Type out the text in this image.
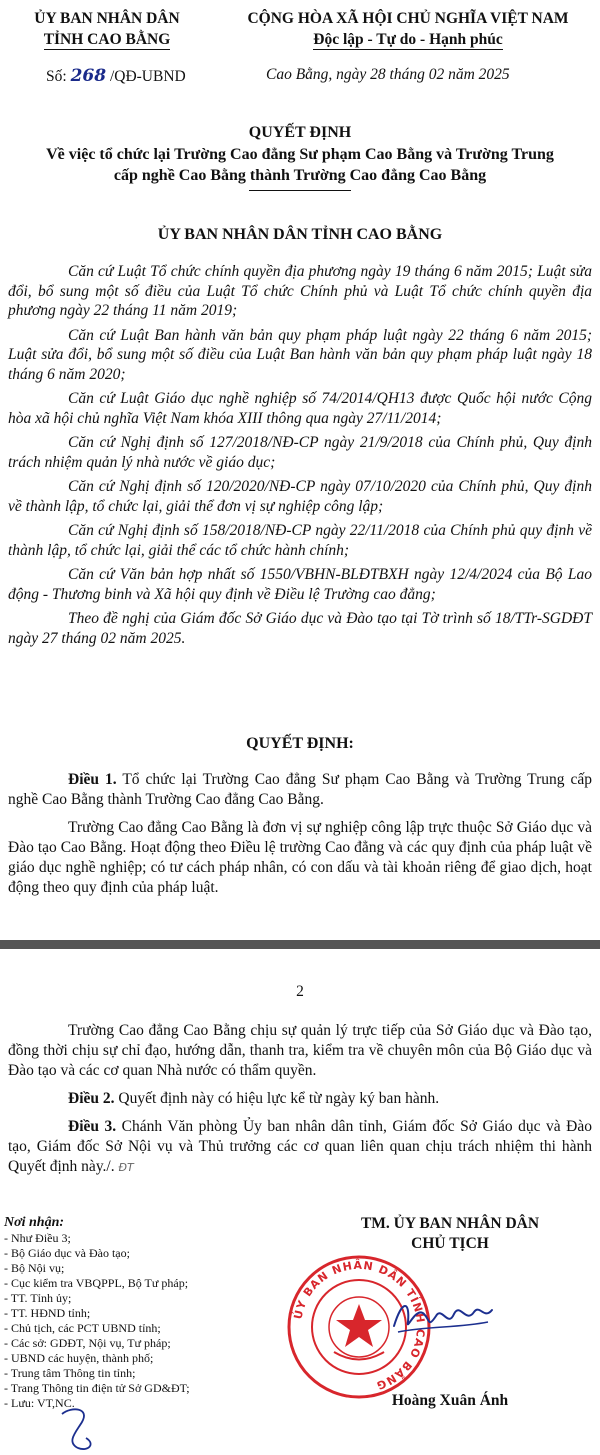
ỦY BAN NHÂN DÂN
TỈNH CAO BẰNG
CỘNG HÒA XÃ HỘI CHỦ NGHĨA VIỆT NAM
Độc lập - Tự do - Hạnh phúc
Số: 268 /QĐ-UBND	Cao Bằng, ngày 28 tháng 02 năm 2025
QUYẾT ĐỊNH
Về việc tổ chức lại Trường Cao đẳng Sư phạm Cao Bằng và Trường Trung
cấp nghề Cao Bằng thành Trường Cao đẳng Cao Bằng
ỦY BAN NHÂN DÂN TỈNH CAO BẰNG

Căn cứ Luật Tổ chức chính quyền địa phương ngày 19 tháng 6 năm 2015; Luật sửa đổi, bổ sung một số điều của Luật Tổ chức Chính phủ và Luật Tổ chức chính quyền địa phương ngày 22 tháng 11 năm 2019;

Căn cứ Luật Ban hành văn bản quy phạm pháp luật ngày 22 tháng 6 năm 2015; Luật sửa đổi, bổ sung một số điều của Luật Ban hành văn bản quy phạm pháp luật ngày 18 tháng 6 năm 2020;

Căn cứ Luật Giáo dục nghề nghiệp số 74/2014/QH13 được Quốc hội nước Cộng hòa xã hội chủ nghĩa Việt Nam khóa XIII thông qua ngày 27/11/2014;

Căn cứ Nghị định số 127/2018/NĐ-CP ngày 21/9/2018 của Chính phủ, Quy định trách nhiệm quản lý nhà nước về giáo dục;

Căn cứ Nghị định số 120/2020/NĐ-CP ngày 07/10/2020 của Chính phủ, Quy định về thành lập, tổ chức lại, giải thể đơn vị sự nghiệp công lập;

Căn cứ Nghị định số 158/2018/NĐ-CP ngày 22/11/2018 của Chính phủ quy định về thành lập, tổ chức lại, giải thể các tổ chức hành chính;

Căn cứ Văn bản hợp nhất số 1550/VBHN-BLĐTBXH ngày 12/4/2024 của Bộ Lao động - Thương binh và Xã hội quy định về Điều lệ Trường cao đẳng;

Theo đề nghị của Giám đốc Sở Giáo dục và Đào tạo tại Tờ trình số 18/TTr-SGDĐT ngày 27 tháng 02 năm 2025.

QUYẾT ĐỊNH:

Điều 1. Tổ chức lại Trường Cao đẳng Sư phạm Cao Bằng và Trường Trung cấp nghề Cao Bằng thành Trường Cao đẳng Cao Bằng.

Trường Cao đẳng Cao Bằng là đơn vị sự nghiệp công lập trực thuộc Sở Giáo dục và Đào tạo Cao Bằng. Hoạt động theo Điều lệ trường Cao đẳng và các quy định của pháp luật về giáo dục nghề nghiệp; có tư cách pháp nhân, có con dấu và tài khoản riêng để giao dịch, hoạt động theo quy định của pháp luật.

2

Trường Cao đẳng Cao Bằng chịu sự quản lý trực tiếp của Sở Giáo dục và Đào tạo, đồng thời chịu sự chỉ đạo, hướng dẫn, thanh tra, kiểm tra về chuyên môn của Bộ Giáo dục và Đào tạo và các cơ quan Nhà nước có thẩm quyền.

Điều 2. Quyết định này có hiệu lực kể từ ngày ký ban hành.

Điều 3. Chánh Văn phòng Ủy ban nhân dân tỉnh, Giám đốc Sở Giáo dục và Đào tạo, Giám đốc Sở Nội vụ và Thủ trưởng các cơ quan liên quan chịu trách nhiệm thi hành Quyết định này./. ĐT

Nơi nhận:
- Như Điều 3;
- Bộ Giáo dục và Đào tạo;
- Bộ Nội vụ;
- Cục kiểm tra VBQPPL, Bộ Tư pháp;
- TT. Tỉnh ủy;
- TT. HĐND tỉnh;
- Chủ tịch, các PCT UBND tỉnh;
- Các sở: GDĐT, Nội vụ, Tư pháp;
- UBND các huyện, thành phố;
- Trung tâm Thông tin tỉnh;
- Trang Thông tin điện tử Sở GD&ĐT;
- Lưu: VT,NC.
TM. ỦY BAN NHÂN DÂN
CHỦ TỊCH
ỦY BAN NHÂN DÂN TỈNH CAO BẰNG
Hoàng Xuân Ánh
